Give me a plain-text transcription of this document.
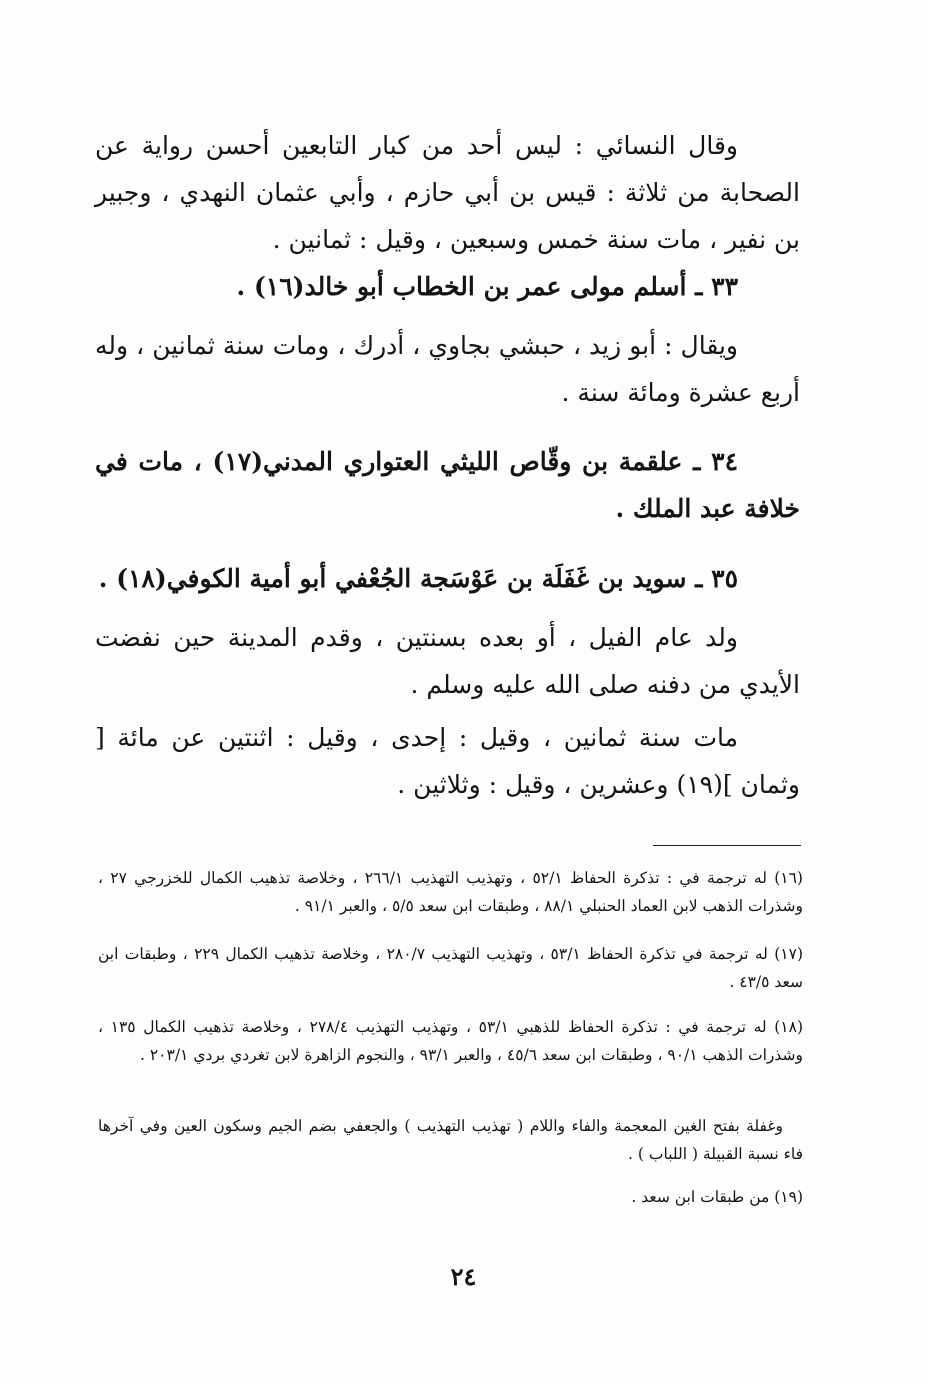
وقال النسائي : ليس أحد من كبار التابعين أحسن رواية عن الصحابة من ثلاثة : قيس بن أبي حازم ، وأبي عثمان النهدي ، وجبير بن نفير ، مات سنة خمس وسبعين ، وقيل : ثمانين .
٣٣ ـ أسلم مولى عمر بن الخطاب أبو خالد(١٦) .
ويقال : أبو زيد ، حبشي بجاوي ، أدرك ، ومات سنة ثمانين ، وله أربع عشرة ومائة سنة .
٣٤ ـ علقمة بن وقّاص الليثي العتواري المدني(١٧) ، مات في خلافة عبد الملك .
٣٥ ـ سويد بن غَفَلَة بن عَوْسَجة الجُعْفي أبو أمية الكوفي(١٨) .
ولد عام الفيل ، أو بعده بسنتين ، وقدم المدينة حين نفضت الأيدي من دفنه صلى الله عليه وسلم .
مات سنة ثمانين ، وقيل : إحدى ، وقيل : اثنتين عن مائة [ وثمان ](١٩) وعشرين ، وقيل : وثلاثين .
(١٦) له ترجمة في : تذكرة الحفاظ ٥٢/١ ، وتهذيب التهذيب ٢٦٦/١ ، وخلاصة تذهيب الكمال للخزرجي ٢٧ ، وشذرات الذهب لابن العماد الحنبلي ٨٨/١ ، وطبقات ابن سعد ٥/٥ ، والعبر ٩١/١ .
(١٧) له ترجمة في تذكرة الحفاظ ٥٣/١ ، وتهذيب التهذيب ٢٨٠/٧ ، وخلاصة تذهيب الكمال ٢٢٩ ، وطبقات ابن سعد ٤٣/٥ .
(١٨) له ترجمة في : تذكرة الحفاظ للذهبي ٥٣/١ ، وتهذيب التهذيب ٢٧٨/٤ ، وخلاصة تذهيب الكمال ١٣٥ ، وشذرات الذهب ٩٠/١ ، وطبقات ابن سعد ٤٥/٦ ، والعبر ٩٣/١ ، والنجوم الزاهرة لابن تغردي بردي ٢٠٣/١ .
وغفلة بفتح الغين المعجمة والفاء واللام ( تهذيب التهذيب ) والجعفي بضم الجيم وسكون العين وفي آخرها فاء نسبة القبيلة ( اللباب ) .
(١٩) من طبقات ابن سعد .
٢٤
